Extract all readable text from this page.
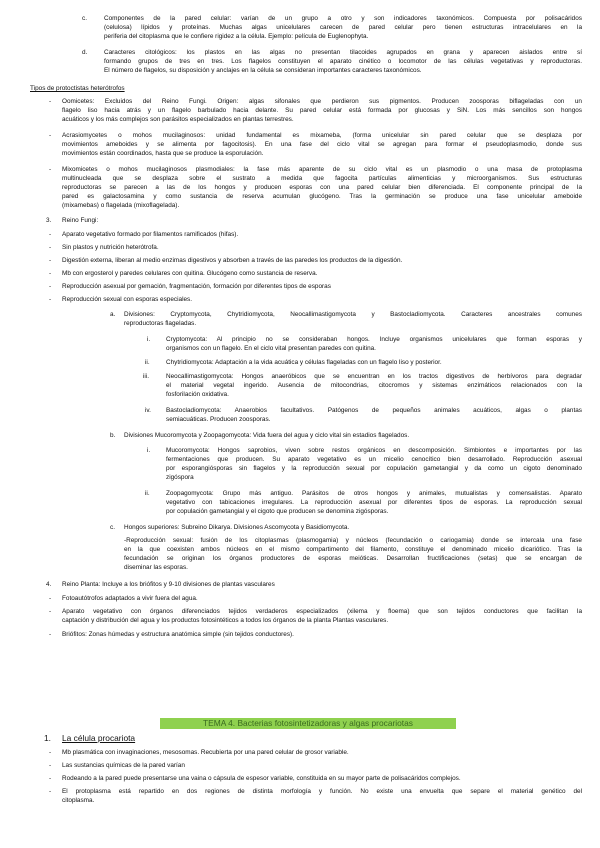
c.	Componentes de la pared celular: varían de un grupo a otro y son indicadores taxonómicos. Compuesta por polisacáridos
(celulosa) lípidos y proteínas. Muchas algas unicelulares carecen de pared celular pero tienen estructuras intracelulares en la
periferia del citoplasma que le confiere rigidez a la célula. Ejemplo: película de Euglenophyta.
d.	Caracteres citológicos: los plastos en las algas no presentan tilacoides agrupados en grana y aparecen aislados entre sí
formando grupos de tres en tres. Los flagelos constituyen el aparato cinético o locomotor de las células vegetativas y reproductoras.
El número de flagelos, su disposición y anclajes en la célula se consideran importantes caracteres taxonómicos.
Tipos de protoctistas heterótrofos
- Oomicetes: Excluidos del Reino Fungi. Origen: algas sifonales que perdieron sus pigmentos. Producen zoosporas biflageladas con un
flagelo liso hacia atrás y un flagelo barbulado hacia delante. Su pared celular está formada por glucosas y SiN. Los más sencillos son hongos
acuáticos y los más complejos son parásitos especializados en plantas terrestres.
- Acrasiomycetes o mohos mucilaginosos: unidad fundamental es mixameba, (forma unicelular sin pared celular que se desplaza por
movimientos ameboides y se alimenta por fagocitosis). En una fase del ciclo vital se agregan para formar el pseudoplasmodio, donde sus
movimientos están coordinados, hasta que se produce la esporulación.
- Mixomicetes o mohos mucilaginosos plasmodiales: la fase más aparente de su ciclo vital es un plasmodio o una masa de protoplasma
multinucleada que se desplaza sobre el sustrato a medida que fagocita partículas alimenticias y microorganismos. Sus estructuras
reproductoras se parecen a las de los hongos y producen esporas con una pared celular bien diferenciada. El componente principal de la
pared es galactosamina y como sustancia de reserva acumulan glucógeno. Tras la germinación se produce una fase unicelular ameboide
(mixamebas) o flagelada (mixoflagelada).
3. Reino Fungi:
- Aparato vegetativo formado por filamentos ramificados (hifas).
- Sin plastos y nutrición heterótrofa.
- Digestión externa, liberan al medio enzimas digestivos y absorben a través de las paredes los productos de la digestión.
- Mb con ergosterol y paredes celulares con quitina. Glucógeno como sustancia de reserva.
- Reproducción asexual por gemación, fragmentación, formación por diferentes tipos de esporas
- Reproducción sexual con esporas especiales.
a. Divisiones: Cryptomycota, Chytridiomycota, Neocallimastigomycota y Bastocladiomycota. Caracteres ancestrales comunes
reproductoras flageladas.
i. Cryptomycota: Al principio no se consideraban hongos. Incluye organismos unicelulares que forman esporas y
organismos con un flagelo. En el ciclo vital presentan paredes con quitina.
ii.	Chytridiomycota: Adaptación a la vida acuática y células flageladas con un flagelo liso y posterior.
iii.	Neocallimastigomycota: Hongos anaeróbicos que se encuentran en los tractos digestivos de herbívoros para degradar
el material vegetal ingerido. Ausencia de mitocondrias, citocromos y sistemas enzimáticos relacionados con la
fosforilación oxidativa.
iv. Bastocladiomycota: Anaerobios facultativos. Patógenos de pequeños animales acuáticos, algas o plantas
semiacuáticas. Producen zoosporas.
b. Divisiones Mucoromycota y Zoopagomycota: Vida fuera del agua y ciclo vital sin estadios flagelados.
i. Mucoromycota: Hongos saprobios, viven sobre restos orgánicos en descomposición. Simbiontes e importantes por las
fermentaciones que producen. Su aparato vegetativo es un micelio cenocítico bien desarrollado. Reproducción asexual
por esporangiósporas sin flagelos y la reproducción sexual por copulación gametangial y da como un cigoto denominado
zigóspora
ii.	Zoopagomycota: Grupo más antiguo. Parásitos de otros hongos y animales, mutualistas y comensalistas. Aparato
vegetativo con tabicaciones irregulares. La reproducción asexual por diferentes tipos de esporas. La reproducción sexual
por copulación gametangial y el cigoto que producen se denomina zigósporas.
c. Hongos superiores: Subreino Dikarya. Divisiones Ascomycota y Basidiomycota.
-Reproducción sexual: fusión de los citoplasmas (plasmogamia) y núcleos (fecundación o cariogamia) donde se intercala una fase
en la que coexisten ambos núcleos en el mismo compartimento del filamento, constituye el denominado micelio dicariótico. Tras la
fecundación se originan los órganos productores de esporas meióticas. Desarrollan fructificaciones (setas) que se encargan de
diseminar las esporas.
4. Reino Planta: Incluye a los briófitos y 9-10 divisiones de plantas vasculares
- Fotoautótrofos adaptados a vivir fuera del agua.
- Aparato vegetativo con órganos diferenciados tejidos verdaderos especializados (xilema y floema) que son tejidos conductores que facilitan la
captación y distribución del agua y los productos fotosintéticos a todos los órganos de la planta Plantas vasculares.
- Briófitos: Zonas húmedas y estructura anatómica simple (sin tejidos conductores).
TEMA 4. Bacterias fotosintetizadoras y algas procariotas
1. La célula procariota
- Mb plasmática con invaginaciones, mesosomas. Recubierta por una pared celular de grosor variable.
- Las sustancias químicas de la pared varían
- Rodeando a la pared puede presentarse una vaina o cápsula de espesor variable, constituida en su mayor parte de polisacáridos complejos.
- El protoplasma está repartido en dos regiones de distinta morfología y función. No existe una envuelta que separe el material genético del
citoplasma.
